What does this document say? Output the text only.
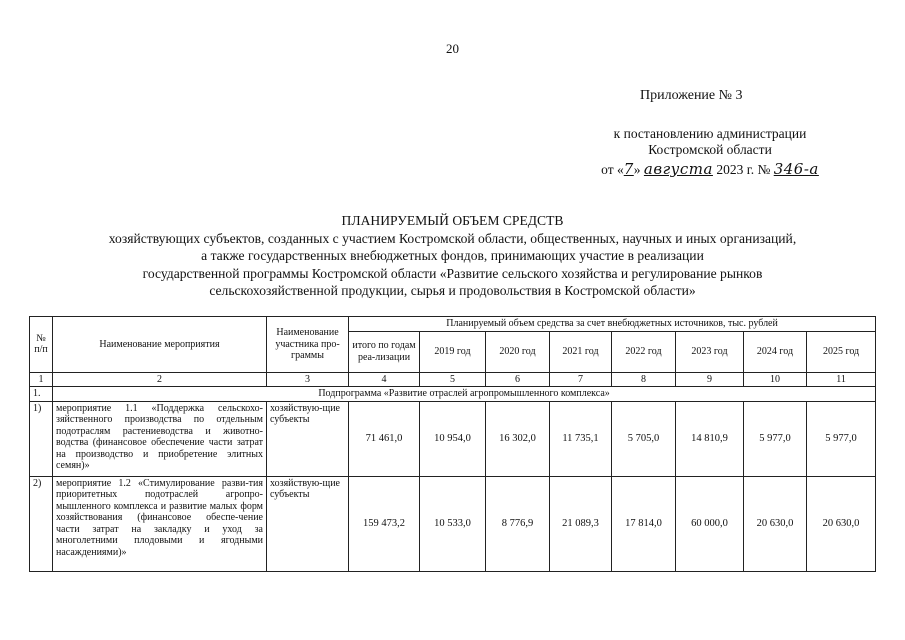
20
Приложение № 3
к постановлению администрации
Костромской области
от «7» августа 2023 г. № 346-а
ПЛАНИРУЕМЫЙ ОБЪЕМ СРЕДСТВ
хозяйствующих субъектов, созданных с участием Костромской области, общественных, научных и иных организаций,
а также государственных внебюджетных фондов, принимающих участие в реализации
государственной программы Костромской области «Развитие сельского хозяйства и регулирование рынков
сельскохозяйственной продукции, сырья и продовольствия в Костромской области»
№ п/п	Наименование мероприятия	Наименование участника про-граммы	Планируемый объем средства за счет внебюджетных источников, тыс. рублей							
			итого по годам реа-лизации	2019 год	2020 год	2021 год	2022 год	2023 год	2024 год	2025 год
1	2	3	4	5	6	7	8	9	10	11
1.	Подпрограмма «Развитие отраслей агропромышленного комплекса»									
1)	мероприятие 1.1 «Поддержка сельскохо-зяйственного производства по отдельным подотраслям растениеводства и животно-водства (финансовое обеспечение части затрат на производство и приобретение элитных семян)»	хозяйствую-щие субъекты	71 461,0	10 954,0	16 302,0	11 735,1	5 705,0	14 810,9	5 977,0	5 977,0
2)	мероприятие 1.2 «Стимулирование разви-тия приоритетных подотраслей агропро-мышленного комплекса и развитие малых форм хозяйствования (финансовое обеспе-чение части затрат на закладку и уход за многолетними плодовыми и ягодными насаждениями)»	хозяйствую-щие субъекты	159 473,2	10 533,0	8 776,9	21 089,3	17 814,0	60 000,0	20 630,0	20 630,0
